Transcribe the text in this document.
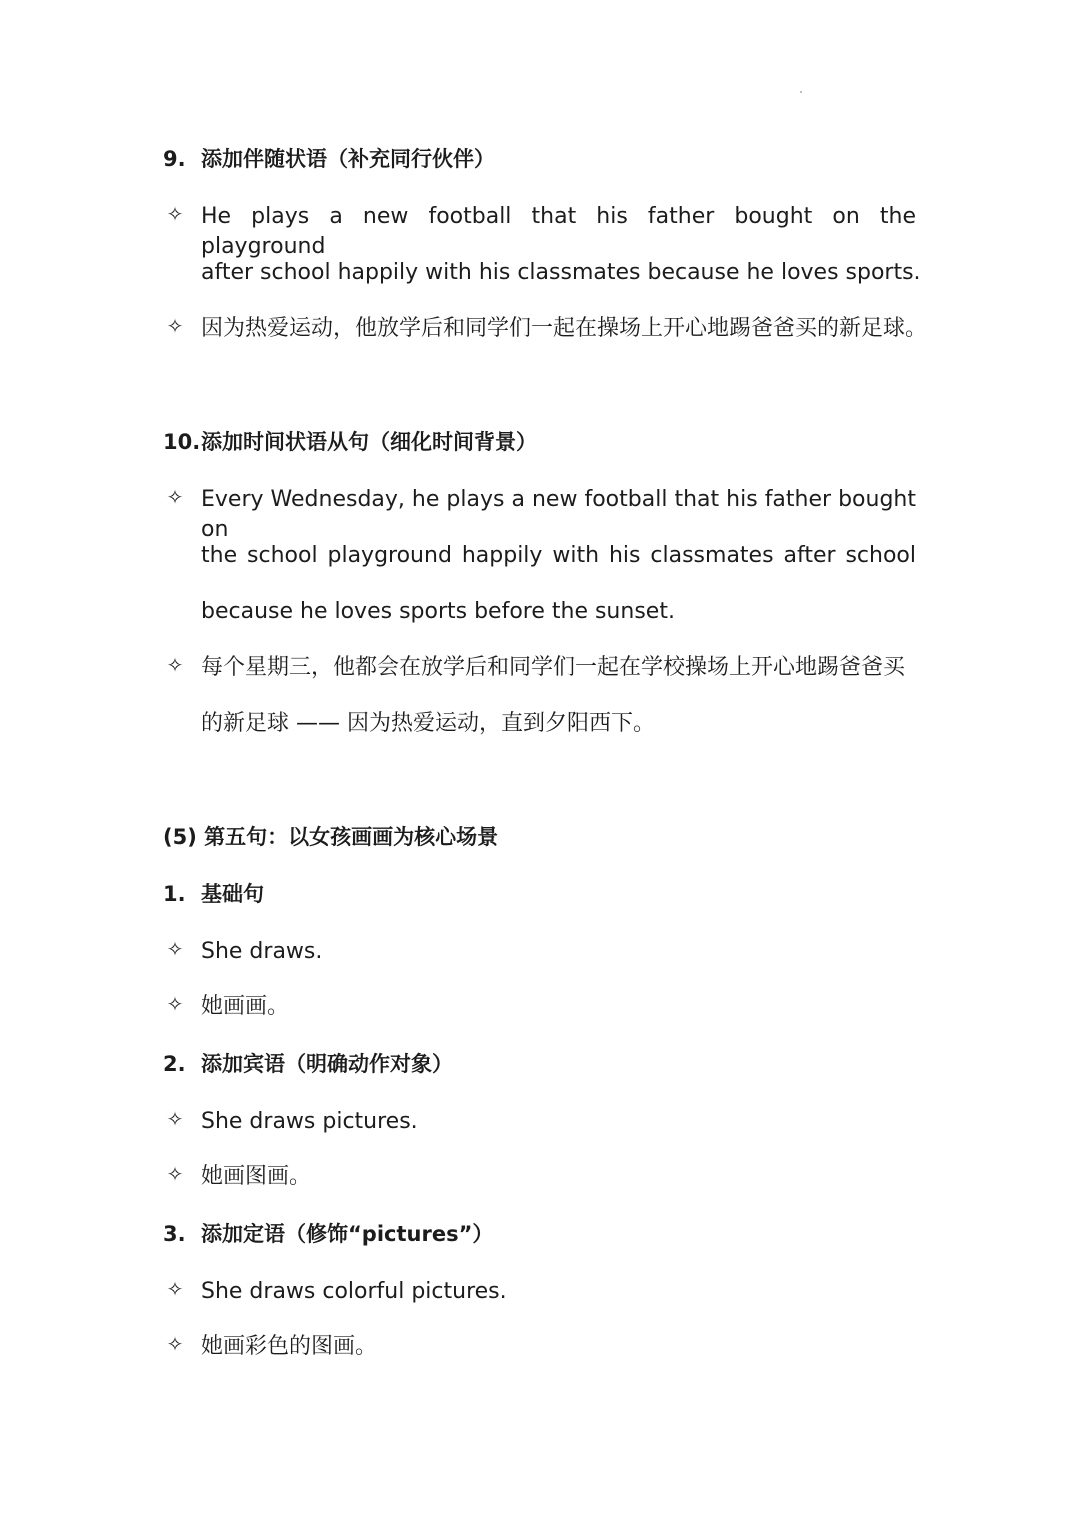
9. 添加伴随状语（补充同行伙伴）
✧ He plays a new football that his father bought on the playground
after school happily with his classmates because he loves sports.
✧ 因为热爱运动，他放学后和同学们一起在操场上开心地踢爸爸买的新足球。
10. 添加时间状语从句（细化时间背景）
✧ Every Wednesday, he plays a new football that his father bought on
the school playground happily with his classmates after school
because he loves sports before the sunset.
✧ 每个星期三，他都会在放学后和同学们一起在学校操场上开心地踢爸爸买
的新足球 —— 因为热爱运动，直到夕阳西下。
(5) 第五句：以女孩画画为核心场景
1. 基础句
✧ She draws.
✧ 她画画。
2. 添加宾语（明确动作对象）
✧ She draws pictures.
✧ 她画图画。
3. 添加定语（修饰“pictures”）
✧ She draws colorful pictures.
✧ 她画彩色的图画。
